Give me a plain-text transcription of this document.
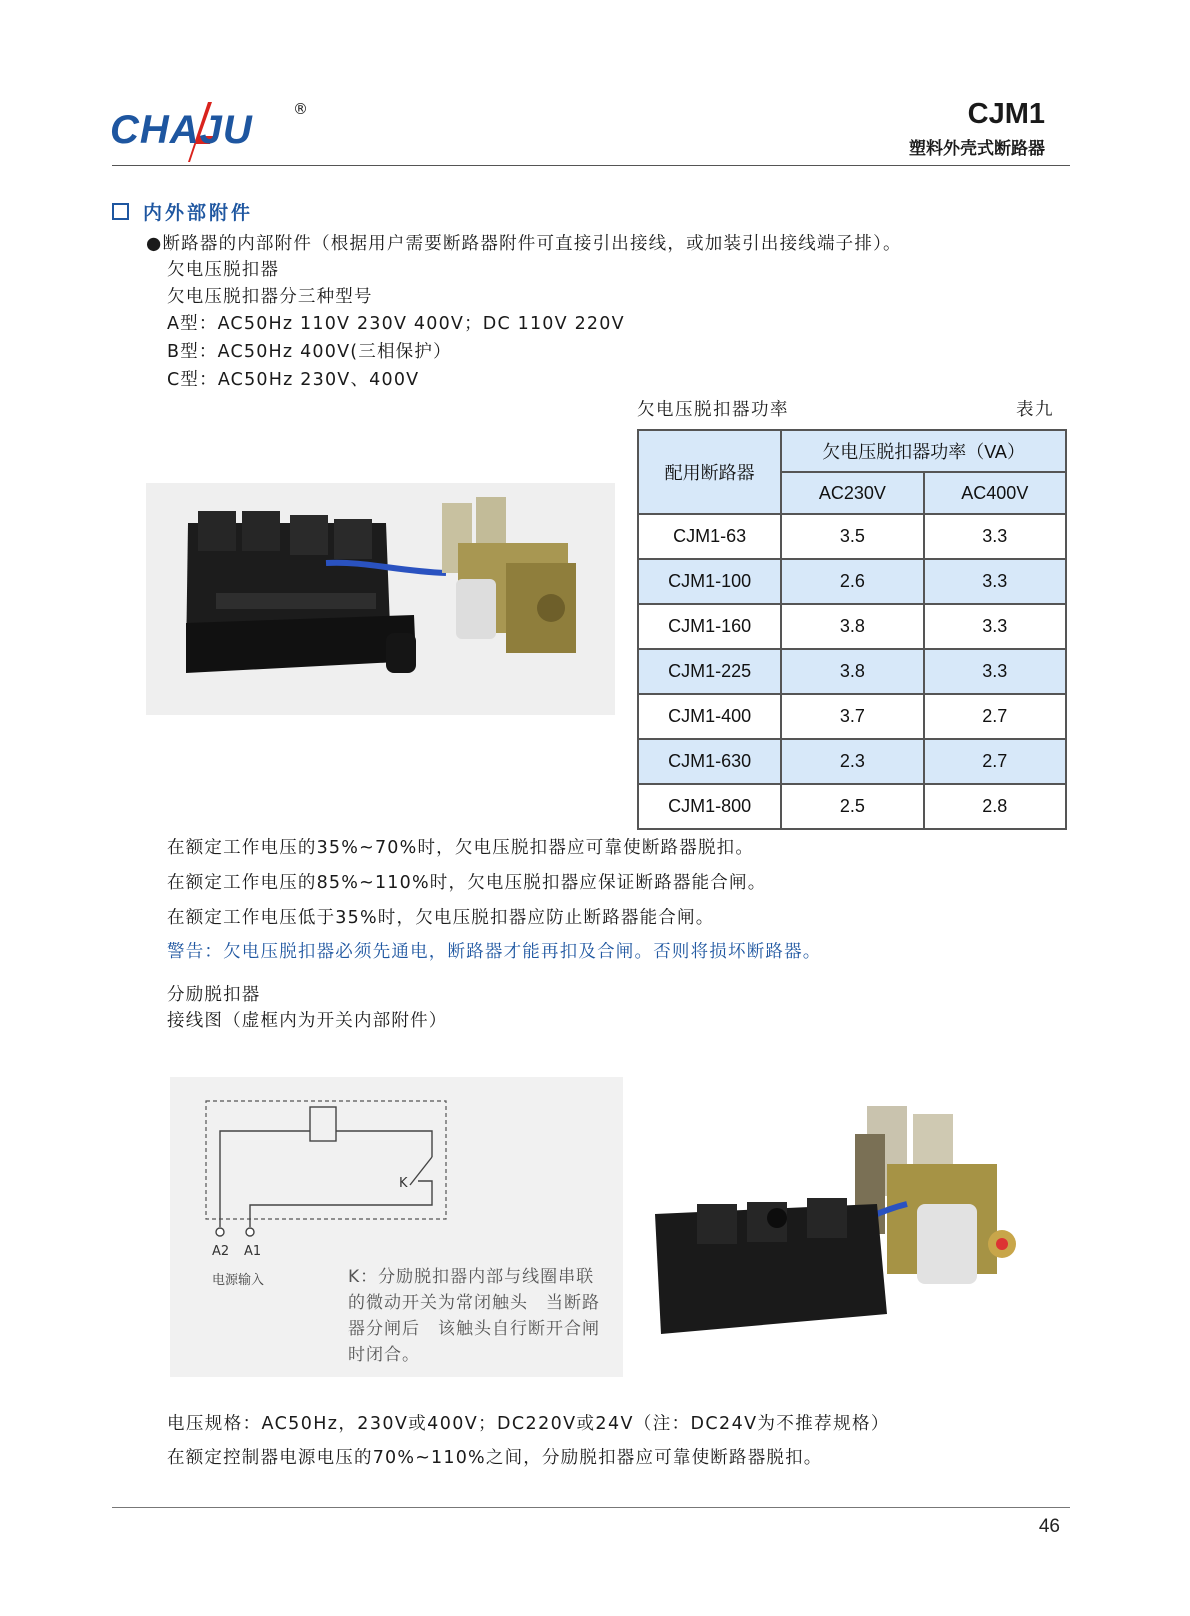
CHAJU	®	CJM1
塑料外壳式断路器
内外部附件
●断路器的内部附件（根据用户需要断路器附件可直接引出接线，或加装引出接线端子排）。
欠电压脱扣器
欠电压脱扣器分三种型号
A型：AC50Hz 110V 230V 400V；DC 110V 220V
B型：AC50Hz 400V(三相保护）
C型：AC50Hz 230V、400V
欠电压脱扣器功率	表九
配用断路器	欠电压脱扣器功率（VA）	
	AC230V	AC400V
CJM1-63	3.5	3.3
CJM1-100	2.6	3.3
CJM1-160	3.8	3.3
CJM1-225	3.8	3.3
CJM1-400	3.7	2.7
CJM1-630	2.3	2.7
CJM1-800	2.5	2.8
在额定工作电压的35%~70%时，欠电压脱扣器应可靠使断路器脱扣。
在额定工作电压的85%~110%时，欠电压脱扣器应保证断路器能合闸。
在额定工作电压低于35%时，欠电压脱扣器应防止断路器能合闸。
警告：欠电压脱扣器必须先通电，断路器才能再扣及合闸。否则将损坏断路器。
分励脱扣器
接线图（虚框内为开关内部附件）
K
A2 A1
电源输入	K：分励脱扣器内部与线圈串联的微动开关为常闭触头　当断路器分闸后　该触头自行断开合闸时闭合。
电压规格：AC50Hz，230V或400V；DC220V或24V（注：DC24V为不推荐规格）
在额定控制器电源电压的70%~110%之间，分励脱扣器应可靠使断路器脱扣。
46
